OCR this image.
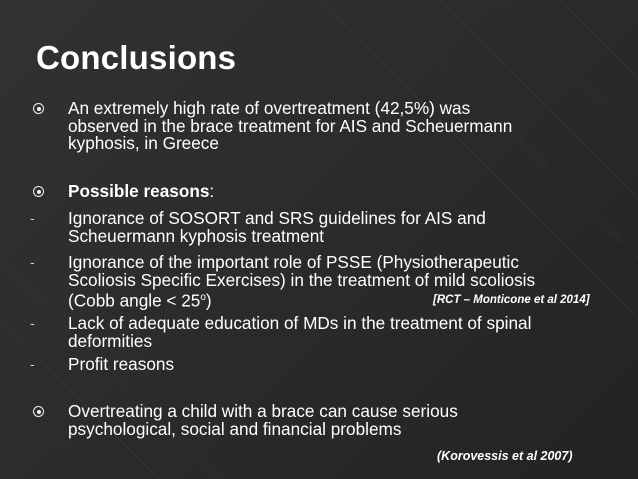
Conclusions
An extremely high rate of overtreatment (42,5%) was
observed in the brace treatment for AIS and Scheuermann
kyphosis, in Greece
Possible reasons:
- Ignorance of SOSORT and SRS guidelines for AIS and
Scheuermann kyphosis treatment
- Ignorance of the important role of PSSE (Physiotherapeutic
Scoliosis Specific Exercises) in the treatment of mild scoliosis
(Cobb angle < $25^o$)	[RCT – Monticone et al 2014]
- Lack of adequate education of MDs in the treatment of spinal
deformities
- Profit reasons
Overtreating a child with a brace can cause serious
psychological, social and financial problems
(Korovessis et al 2007)
